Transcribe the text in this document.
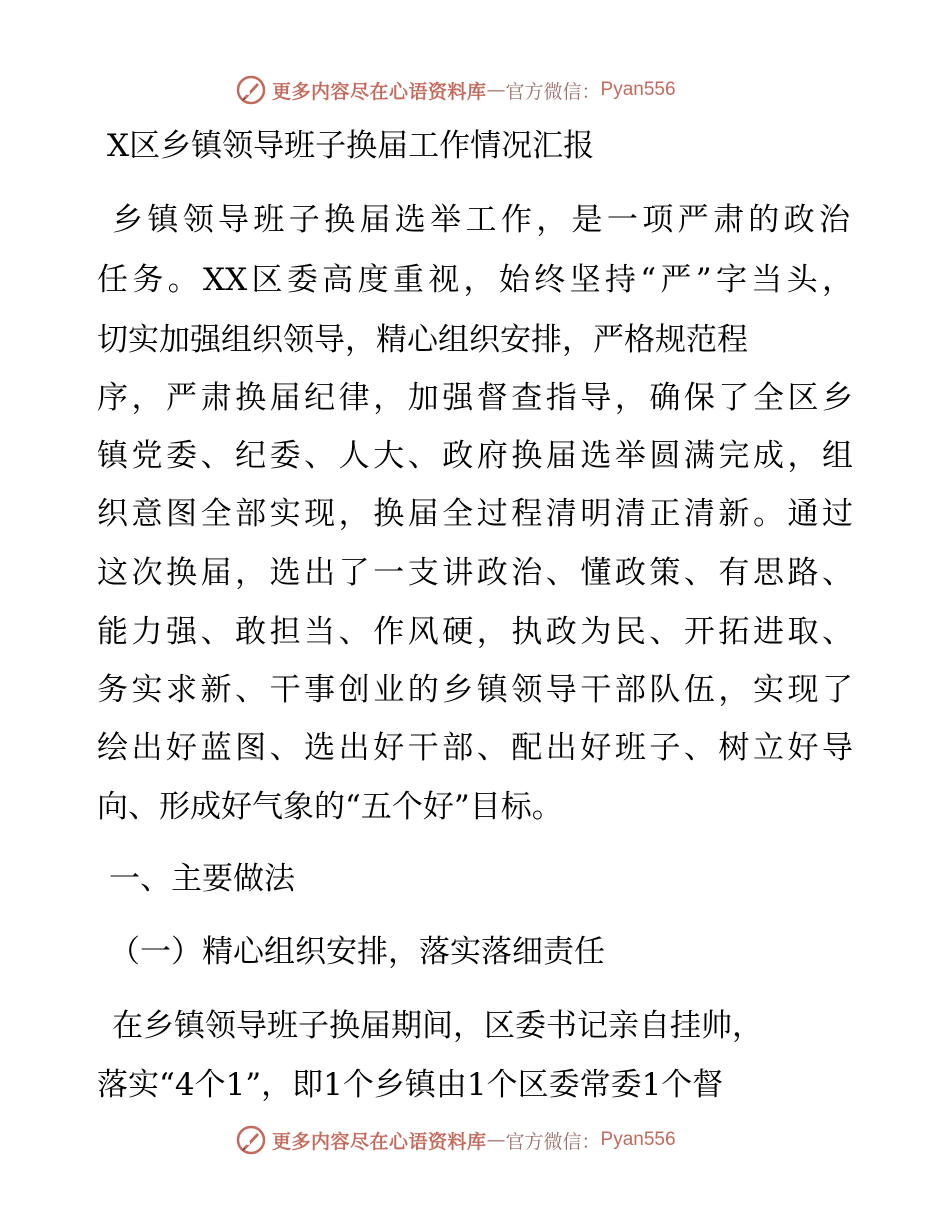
更多内容尽在心语资料库 — 官方微信： Pyan556
X区乡镇领导班子换届工作情况汇报
乡镇领导班子换届选举工作，是一项严肃的政治
任务。XX区委高度重视，始终坚持“严”字当头，
切实加强组织领导，精心组织安排，严格规范程
序，严肃换届纪律，加强督查指导，确保了全区乡
镇党委、纪委、人大、政府换届选举圆满完成，组
织意图全部实现，换届全过程清明清正清新。通过
这次换届，选出了一支讲政治、懂政策、有思路、
能力强、敢担当、作风硬，执政为民、开拓进取、
务实求新、干事创业的乡镇领导干部队伍，实现了
绘出好蓝图、选出好干部、配出好班子、树立好导
向、形成好气象的“五个好”目标。
一、主要做法
（一）精心组织安排，落实落细责任
在乡镇领导班子换届期间，区委书记亲自挂帅，
落实“4个1”，即1个乡镇由1个区委常委1个督
更多内容尽在心语资料库 — 官方微信： Pyan556
